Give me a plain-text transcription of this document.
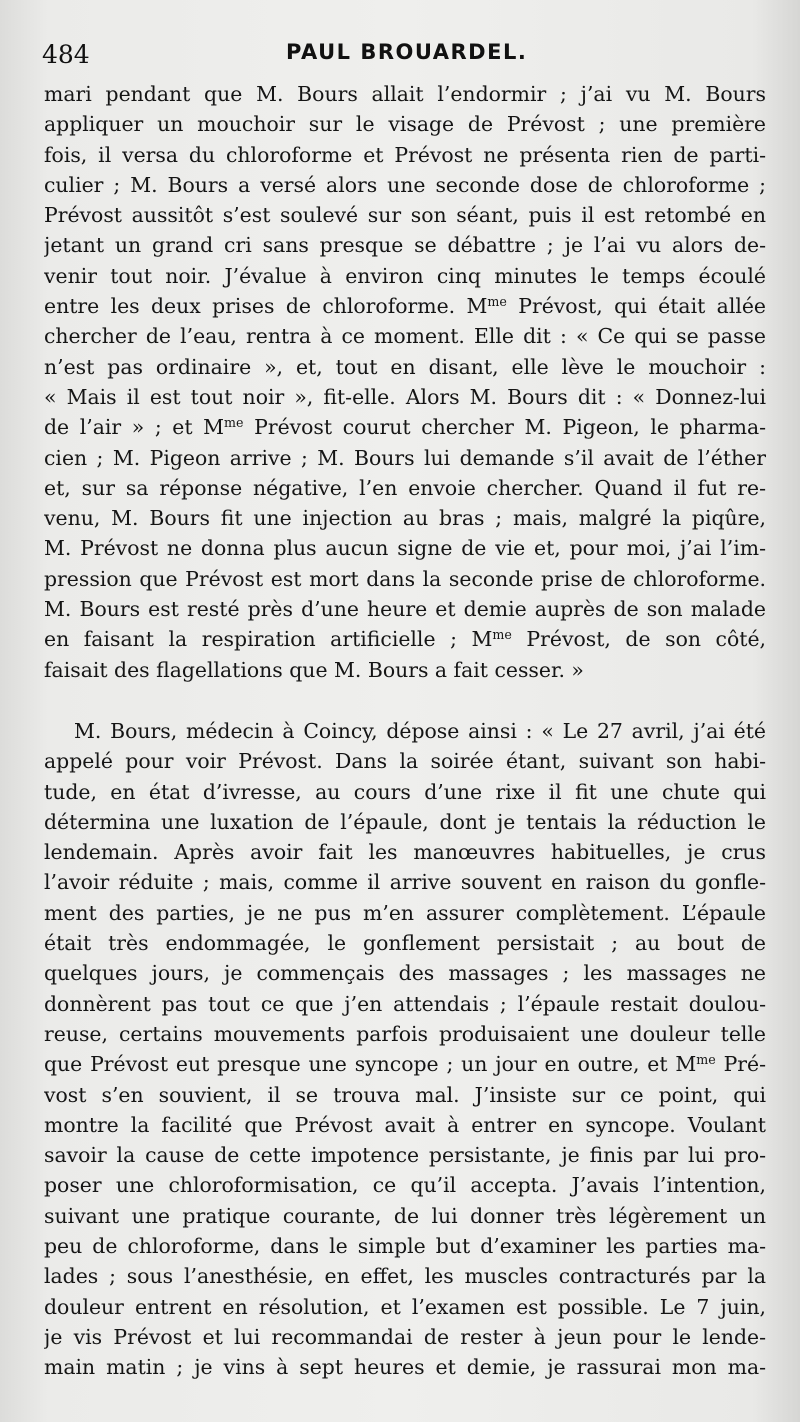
484	PAUL BROUARDEL.
mari pendant que M. Bours allait l’endormir ; j’ai vu M. Bours
appliquer un mouchoir sur le visage de Prévost ; une première
fois, il versa du chloroforme et Prévost ne présenta rien de parti-
culier ; M. Bours a versé alors une seconde dose de chloroforme ;
Prévost aussitôt s’est soulevé sur son séant, puis il est retombé en
jetant un grand cri sans presque se débattre ; je l’ai vu alors de-
venir tout noir. J’évalue à environ cinq minutes le temps écoulé
entre les deux prises de chloroforme. $M^{me}$ Prévost, qui était allée
chercher de l’eau, rentra à ce moment. Elle dit : « Ce qui se passe
n’est pas ordinaire », et, tout en disant, elle lève le mouchoir :
« Mais il est tout noir », fit-elle. Alors M. Bours dit : « Donnez-lui
de l’air » ; et $M^{me}$ Prévost courut chercher M. Pigeon, le pharma-
cien ; M. Pigeon arrive ; M. Bours lui demande s’il avait de l’éther
et, sur sa réponse négative, l’en envoie chercher. Quand il fut re-
venu, M. Bours fit une injection au bras ; mais, malgré la piqûre,
M. Prévost ne donna plus aucun signe de vie et, pour moi, j’ai l’im-
pression que Prévost est mort dans la seconde prise de chloroforme.
M. Bours est resté près d’une heure et demie auprès de son malade
en faisant la respiration artificielle ; $M^{me}$ Prévost, de son côté,
faisait des flagellations que M. Bours a fait cesser. »
M. Bours, médecin à Coincy, dépose ainsi : « Le 27 avril, j’ai été
appelé pour voir Prévost. Dans la soirée étant, suivant son habi-
tude, en état d’ivresse, au cours d’une rixe il fit une chute qui
détermina une luxation de l’épaule, dont je tentais la réduction le
lendemain. Après avoir fait les manœuvres habituelles, je crus
l’avoir réduite ; mais, comme il arrive souvent en raison du gonfle-
ment des parties, je ne pus m’en assurer complètement. L’épaule
était très endommagée, le gonflement persistait ; au bout de
quelques jours, je commençais des massages ; les massages ne
donnèrent pas tout ce que j’en attendais ; l’épaule restait doulou-
reuse, certains mouvements parfois produisaient une douleur telle
que Prévost eut presque une syncope ; un jour en outre, et $M^{me}$ Pré-
vost s’en souvient, il se trouva mal. J’insiste sur ce point, qui
montre la facilité que Prévost avait à entrer en syncope. Voulant
savoir la cause de cette impotence persistante, je finis par lui pro-
poser une chloroformisation, ce qu’il accepta. J’avais l’intention,
suivant une pratique courante, de lui donner très légèrement un
peu de chloroforme, dans le simple but d’examiner les parties ma-
lades ; sous l’anesthésie, en effet, les muscles contracturés par la
douleur entrent en résolution, et l’examen est possible. Le 7 juin,
je vis Prévost et lui recommandai de rester à jeun pour le lende-
main matin ; je vins à sept heures et demie, je rassurai mon ma-
